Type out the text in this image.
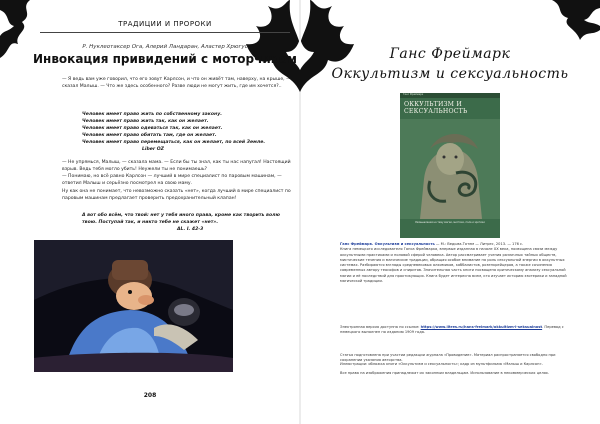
ТРАДИЦИИ И ПРОРОКИ
Р. Нуклеотаксер Ога, Алерий Ландаран, Аластер Хрюгус
Инвокация привидений с моторчиком
— Я ведь вам уже говорил, что его зовут Карлсон, и что он живёт там, наверху, на крыше, — сказал Малыш. — Что же здесь особенного? Разве люди не могут жить, где им хочется?..
Человек имеет право жить по собственному закону.
Человек имеет право жить так, как он желает.
Человек имеет право одеваться так, как он желает.
Человек имеет право обитать там, где он желает.
Человек имеет право перемещаться, как он желает, по всей Земле.
Liber OZ
— Не упрямься, Малыш, — сказала мама. — Если бы ты знал, как ты нас напугал! Настоящий взрыв. Ведь тебя могло убить! Неужели ты не понимаешь?
— Понимаю, но всё равно Карлсон — лучший в мире специалист по паровым машинам, — ответил Малыш и серьёзно посмотрел на свою маму.
Ну как она не понимает, что невозможно сказать «нет», когда лучший в мире специалист по паровым машинам предлагает проверить предохранительный клапан!
А вот обо всём, что твой: нет у тебя иного права, кроме как творить волю твою. Поступай так, и никто тебе не скажет «нет».
AL. I. 42-3
208
Ганс Фреймарк
Оккультизм и сексуальность
Ганс Фреймарк
ОККУЛЬТИЗМ И СЕКСУАЛЬНОСТЬ
Размышления на тему магии, мистики, пола и эротики
Ганс Фреймарк. Оккультизм и сексуальность — М.: Ведьма-Тотем — Литрес, 2013. — 176 с.
Книга немецкого исследователя Ганса Фреймарка, впервые изданная в начале XX века, посвящена связи между оккультными практиками и половой сферой человека. Автор рассматривает учения различных тайных обществ, мистические течения и магические традиции, обращая особое внимание на роль сексуальной энергии в оккультных системах. Разбираются взгляды средневековых алхимиков, каббалистов, розенкрейцеров, а также сочинения современных автору теософов и спиритов. Значительная часть книги посвящена критическому анализу сексуальной магии и её последствий для практикующих. Книга будет интересна всем, кто изучает историю эзотерики и западной магической традиции.
Электронная версия доступна по ссылке: https://www.litres.ru/hans-freimark/okkultizm-i-seksualnost. Перевод с немецкого выполнен по изданию 1909 года.
Статья подготовлена при участии редакции журнала «Провидение». Материал распространяется свободно при сохранении указания авторства.
Иллюстрации: обложка книги «Оккультизм и сексуальность»; кадр из мультфильма «Малыш и Карлсон».
Все права на изображения принадлежат их законным владельцам. Использование в некоммерческих целях.
